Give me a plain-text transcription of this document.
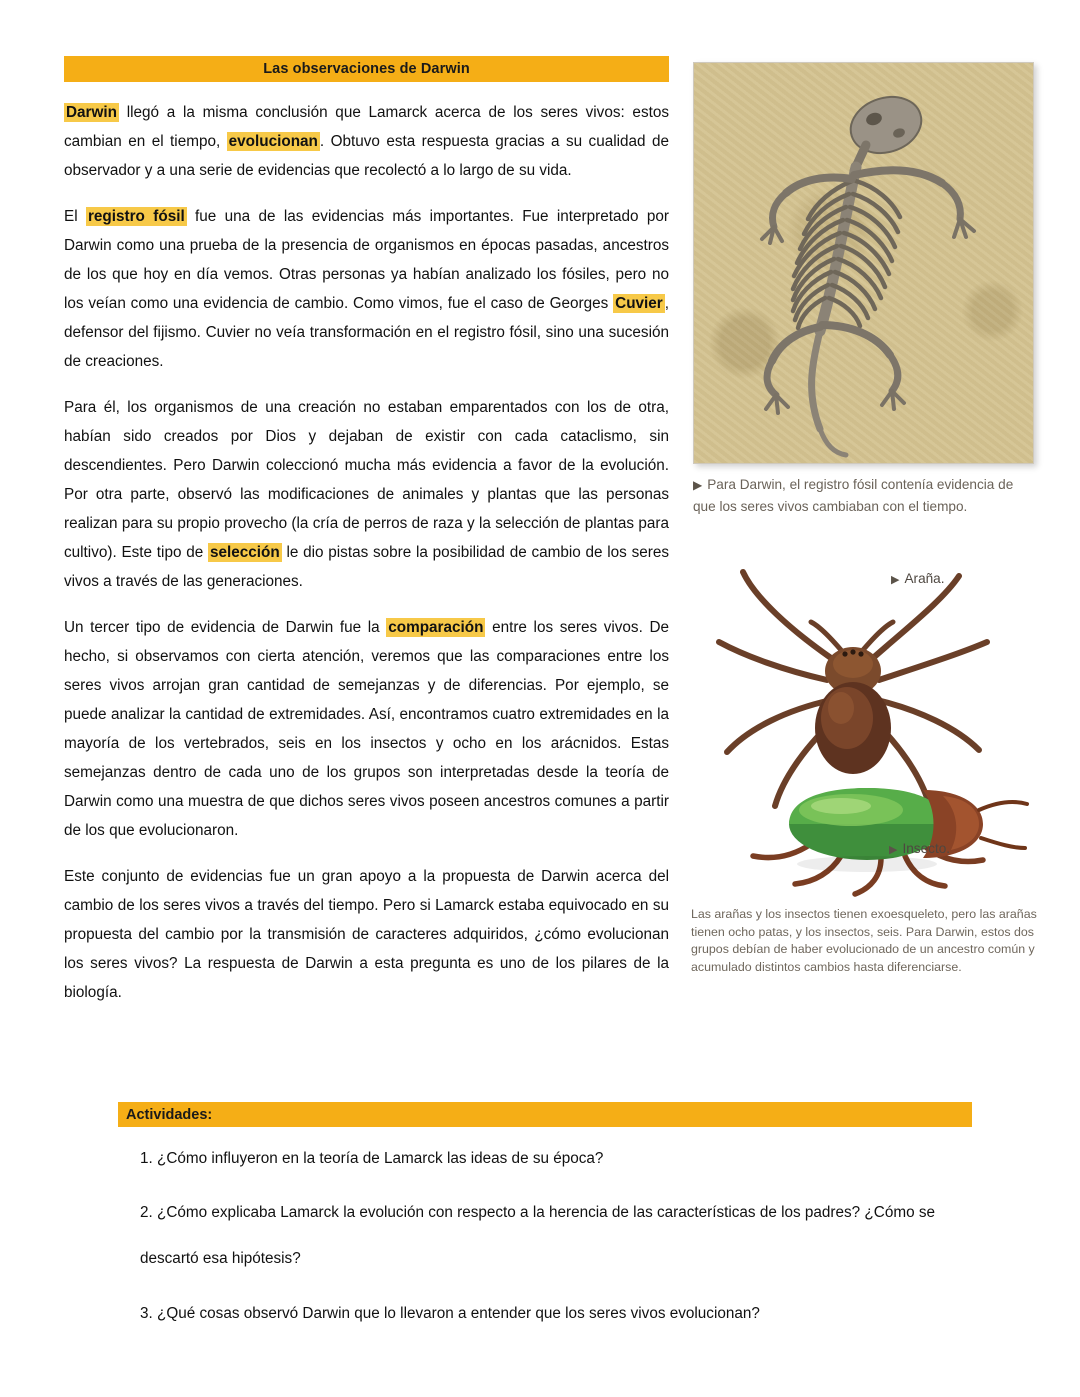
Las observaciones de Darwin

Darwin llegó a la misma conclusión que Lamarck acerca de los seres vivos: estos cambian en el tiempo, evolucionan . Obtuvo esta respuesta gracias a su cualidad de observador y a una serie de evidencias que recolectó a lo largo de su vida.

El registro fósil fue una de las evidencias más importantes. Fue interpretado por Darwin como una prueba de la presencia de organismos en épocas pasadas, ancestros de los que hoy en día vemos. Otras personas ya habían analizado los fósiles, pero no los veían como una evidencia de cambio. Como vimos, fue el caso de Georges Cuvier , defensor del fijismo. Cuvier no veía transformación en el registro fósil, sino una sucesión de creaciones.

Para él, los organismos de una creación no estaban emparentados con los de otra, habían sido creados por Dios y dejaban de existir con cada cataclismo, sin descendientes. Pero Darwin coleccionó mucha más evidencia a favor de la evolución. Por otra parte, observó las modificaciones de animales y plantas que las personas realizan para su propio provecho (la cría de perros de raza y la selección de plantas para cultivo). Este tipo de selección le dio pistas sobre la posibilidad de cambio de los seres vivos a través de las generaciones.

Un tercer tipo de evidencia de Darwin fue la comparación entre los seres vivos. De hecho, si observamos con cierta atención, veremos que las comparaciones entre los seres vivos arrojan gran cantidad de semejanzas y de diferencias. Por ejemplo, se puede analizar la cantidad de extremidades. Así, encontramos cuatro extremidades en la mayoría de los vertebrados, seis en los insectos y ocho en los arácnidos. Estas semejanzas dentro de cada uno de los grupos son interpretadas desde la teoría de Darwin como una muestra de que dichos seres vivos poseen ancestros comunes a partir de los que evolucionaron.

Este conjunto de evidencias fue un gran apoyo a la propuesta de Darwin acerca del cambio de los seres vivos a través del tiempo. Pero si Lamarck estaba equivocado en su propuesta del cambio por la transmisión de caracteres adquiridos, ¿cómo evolucionan los seres vivos? La respuesta de Darwin a esta pregunta es uno de los pilares de la biología.

▶ Para Darwin, el registro fósil contenía evidencia de que los seres vivos cambiaban con el tiempo.
▶ Araña.
▶ Insecto.
Las arañas y los insectos tienen exoesqueleto, pero las arañas tienen ocho patas, y los insectos, seis. Para Darwin, estos dos grupos debían de haber evolucionado de un ancestro común y acumulado distintos cambios hasta diferenciarse.
Actividades:
1. ¿Cómo influyeron en la teoría de Lamarck las ideas de su época?
2. ¿Cómo explicaba Lamarck la evolución con respecto a la herencia de las características de los padres? ¿Cómo se descartó esa hipótesis?
3. ¿Qué cosas observó Darwin que lo llevaron a entender que los seres vivos evolucionan?
